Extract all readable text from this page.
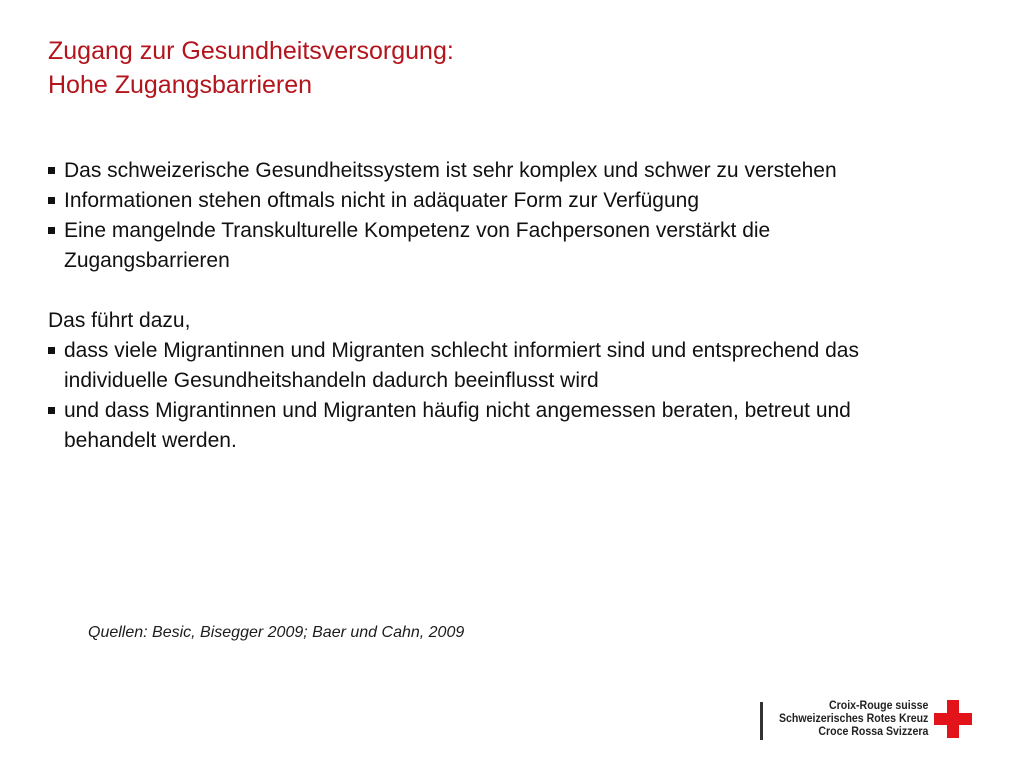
Zugang zur Gesundheitsversorgung:
Hohe Zugangsbarrieren
Das schweizerische Gesundheitssystem ist sehr komplex und schwer zu verstehen
Informationen stehen oftmals nicht in adäquater Form zur Verfügung
Eine mangelnde Transkulturelle Kompetenz von Fachpersonen verstärkt die Zugangsbarrieren
Das führt dazu,
dass viele Migrantinnen und Migranten schlecht informiert sind und entsprechend das individuelle Gesundheitshandeln dadurch beeinflusst wird
und dass Migrantinnen und Migranten häufig nicht angemessen beraten, betreut und behandelt werden.
Quellen: Besic, Bisegger 2009; Baer und Cahn, 2009
Croix-Rouge suisse
Schweizerisches Rotes Kreuz
Croce Rossa Svizzera
